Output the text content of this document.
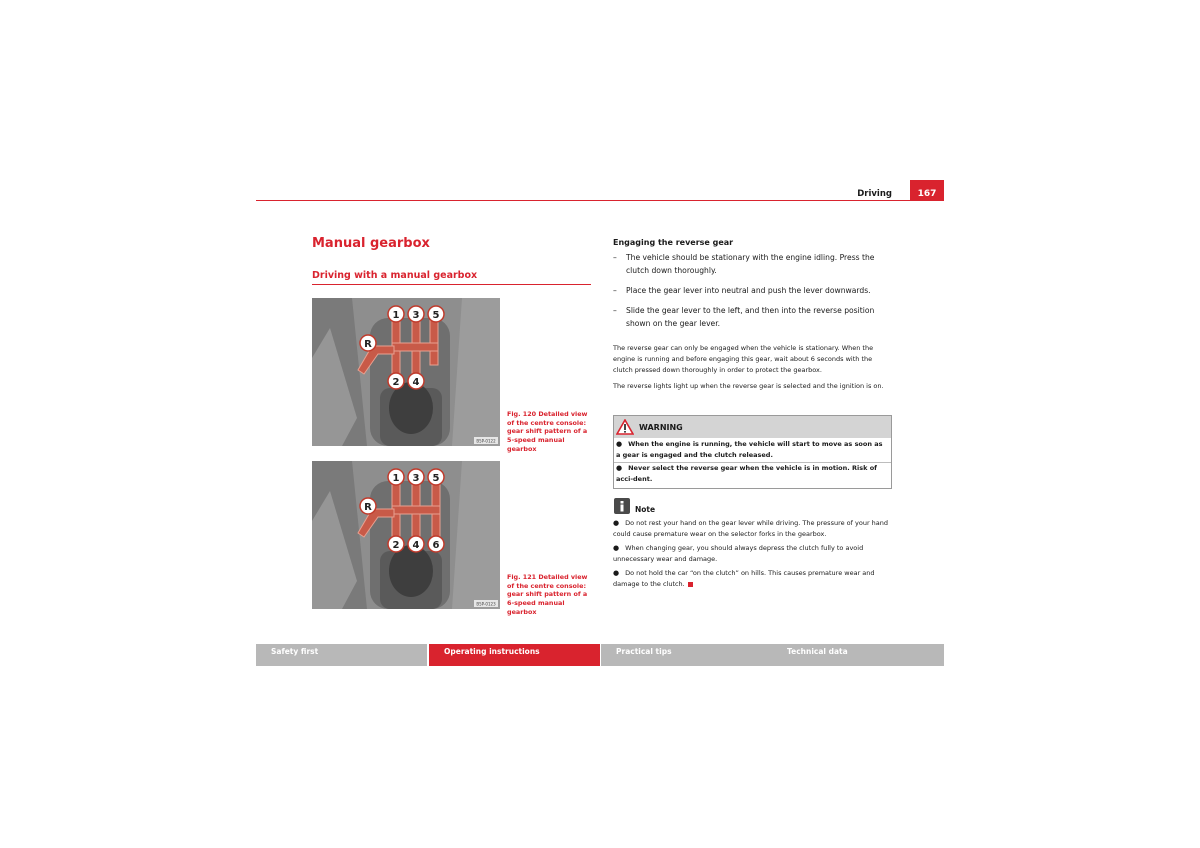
Driving	167
Manual gearbox
Driving with a manual gearbox
1 3 5
R
2 4
B5P-0122
Fig. 120 Detailed view of the centre console: gear shift pattern of a 5-speed manual gearbox
1 3 5
R
2 4 6
B5P-0123
Fig. 121 Detailed view of the centre console: gear shift pattern of a 6-speed manual gearbox
Engaging the reverse gear
– The vehicle should be stationary with the engine idling. Press the clutch down thoroughly.
– Place the gear lever into neutral and push the lever downwards.
– Slide the gear lever to the left, and then into the reverse position shown on the gear lever.
The reverse gear can only be engaged when the vehicle is stationary. When the engine is running and before engaging this gear, wait about 6 seconds with the clutch pressed down thoroughly in order to protect the gearbox.
The reverse lights light up when the reverse gear is selected and the ignition is on.
WARNING
● When the engine is running, the vehicle will start to move as soon as a gear is engaged and the clutch released.
● Never select the reverse gear when the vehicle is in motion. Risk of acci-dent.
Note
● Do not rest your hand on the gear lever while driving. The pressure of your hand could cause premature wear on the selector forks in the gearbox.
● When changing gear, you should always depress the clutch fully to avoid unnecessary wear and damage.
● Do not hold the car “on the clutch” on hills. This causes premature wear and damage to the clutch.
Safety first	Operating instructions	Practical tips	Technical data
